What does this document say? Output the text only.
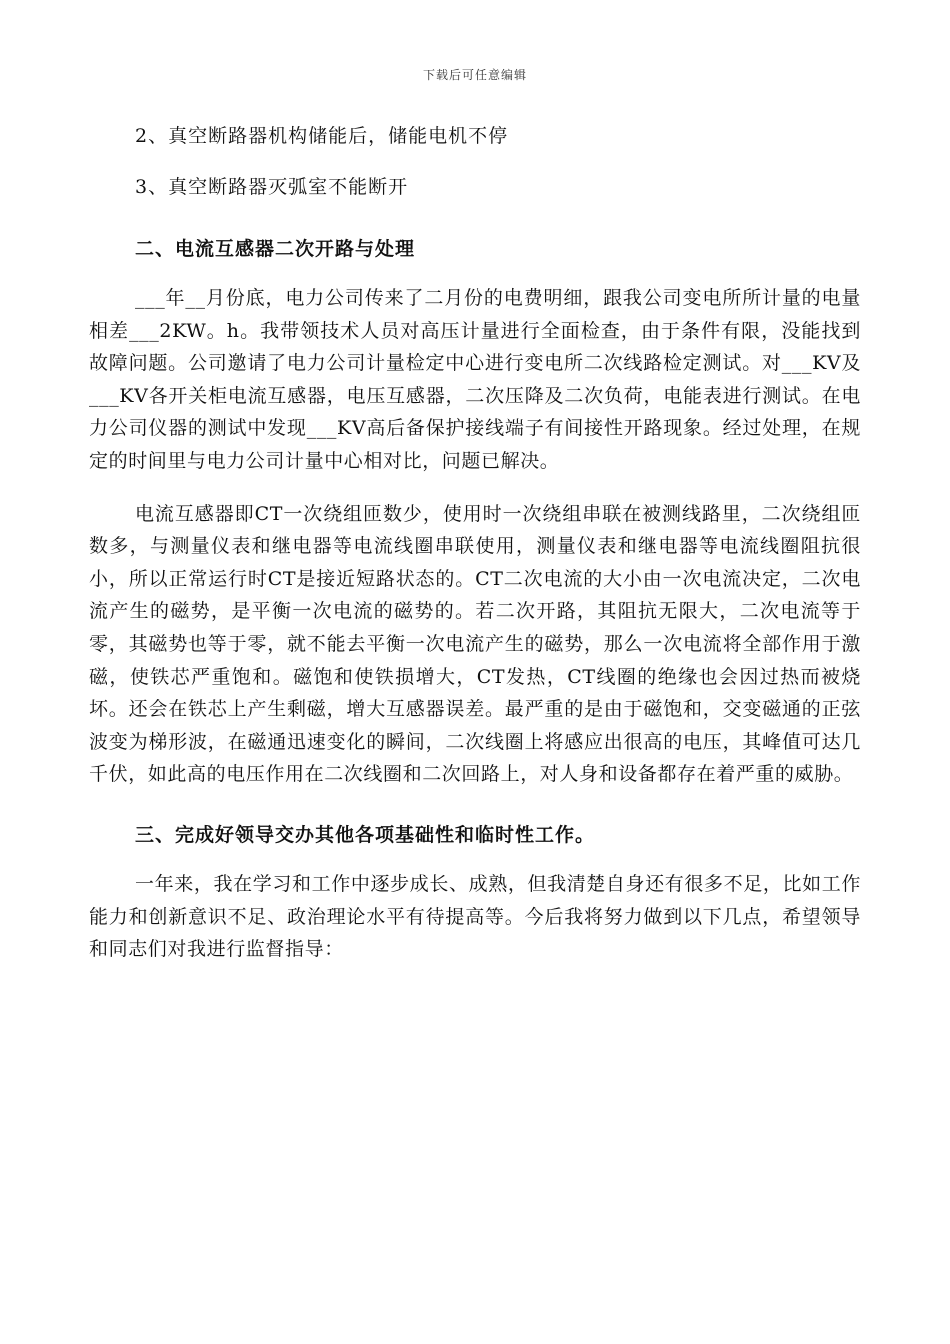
下载后可任意编辑

2、真空断路器机构储能后，储能电机不停

3、真空断路器灭弧室不能断开

二、电流互感器二次开路与处理

___年__月份底，电力公司传来了二月份的电费明细，跟我公司变电所所计量的电量相差___2KW。h。我带领技术人员对高压计量进行全面检查，由于条件有限，没能找到故障问题。公司邀请了电力公司计量检定中心进行变电所二次线路检定测试。对___KV及___KV各开关柜电流互感器，电压互感器，二次压降及二次负荷，电能表进行测试。在电力公司仪器的测试中发现___KV高后备保护接线端子有间接性开路现象。经过处理，在规定的时间里与电力公司计量中心相对比，问题已解决。

电流互感器即CT一次绕组匝数少，使用时一次绕组串联在被测线路里，二次绕组匝数多，与测量仪表和继电器等电流线圈串联使用，测量仪表和继电器等电流线圈阻抗很小，所以正常运行时CT是接近短路状态的。CT二次电流的大小由一次电流决定，二次电流产生的磁势，是平衡一次电流的磁势的。若二次开路，其阻抗无限大，二次电流等于零，其磁势也等于零，就不能去平衡一次电流产生的磁势，那么一次电流将全部作用于激磁，使铁芯严重饱和。磁饱和使铁损增大，CT发热，CT线圈的绝缘也会因过热而被烧坏。还会在铁芯上产生剩磁，增大互感器误差。最严重的是由于磁饱和，交变磁通的正弦波变为梯形波，在磁通迅速变化的瞬间，二次线圈上将感应出很高的电压，其峰值可达几千伏，如此高的电压作用在二次线圈和二次回路上，对人身和设备都存在着严重的威胁。

三、完成好领导交办其他各项基础性和临时性工作。

一年来，我在学习和工作中逐步成长、成熟，但我清楚自身还有很多不足，比如工作能力和创新意识不足、政治理论水平有待提高等。今后我将努力做到以下几点，希望领导和同志们对我进行监督指导：
